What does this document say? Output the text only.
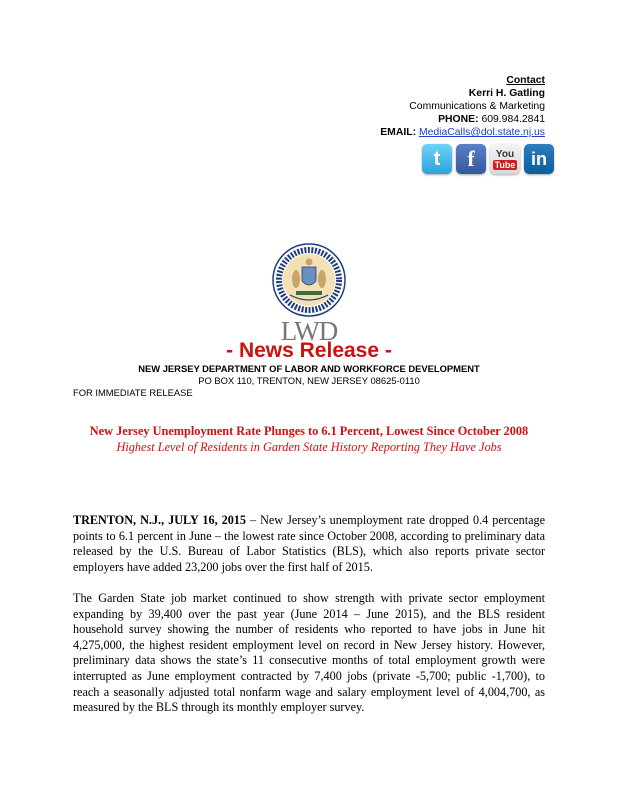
Contact
Kerri H. Gatling
Communications & Marketing
PHONE: 609.984.2841
EMAIL: MediaCalls@dol.state.nj.us
t	f	You
Tube in
LWD
- News Release -
NEW JERSEY DEPARTMENT OF LABOR AND WORKFORCE DEVELOPMENT
PO BOX 110, TRENTON, NEW JERSEY 08625-0110
FOR IMMEDIATE RELEASE
New Jersey Unemployment Rate Plunges to 6.1 Percent, Lowest Since October 2008
Highest Level of Residents in Garden State History Reporting They Have Jobs

TRENTON, N.J., JULY 16, 2015 – New Jersey’s unemployment rate dropped 0.4 percentage points to 6.1 percent in June – the lowest rate since October 2008, according to preliminary data released by the U.S. Bureau of Labor Statistics (BLS), which also reports private sector employers have added 23,200 jobs over the first half of 2015.

The Garden State job market continued to show strength with private sector employment expanding by 39,400 over the past year (June 2014 – June 2015), and the BLS resident household survey showing the number of residents who reported to have jobs in June hit 4,275,000, the highest resident employment level on record in New Jersey history. However, preliminary data shows the state’s 11 consecutive months of total employment growth were interrupted as June employment contracted by 7,400 jobs (private -5,700; public -1,700), to reach a seasonally adjusted total nonfarm wage and salary employment level of 4,004,700, as measured by the BLS through its monthly employer survey.
